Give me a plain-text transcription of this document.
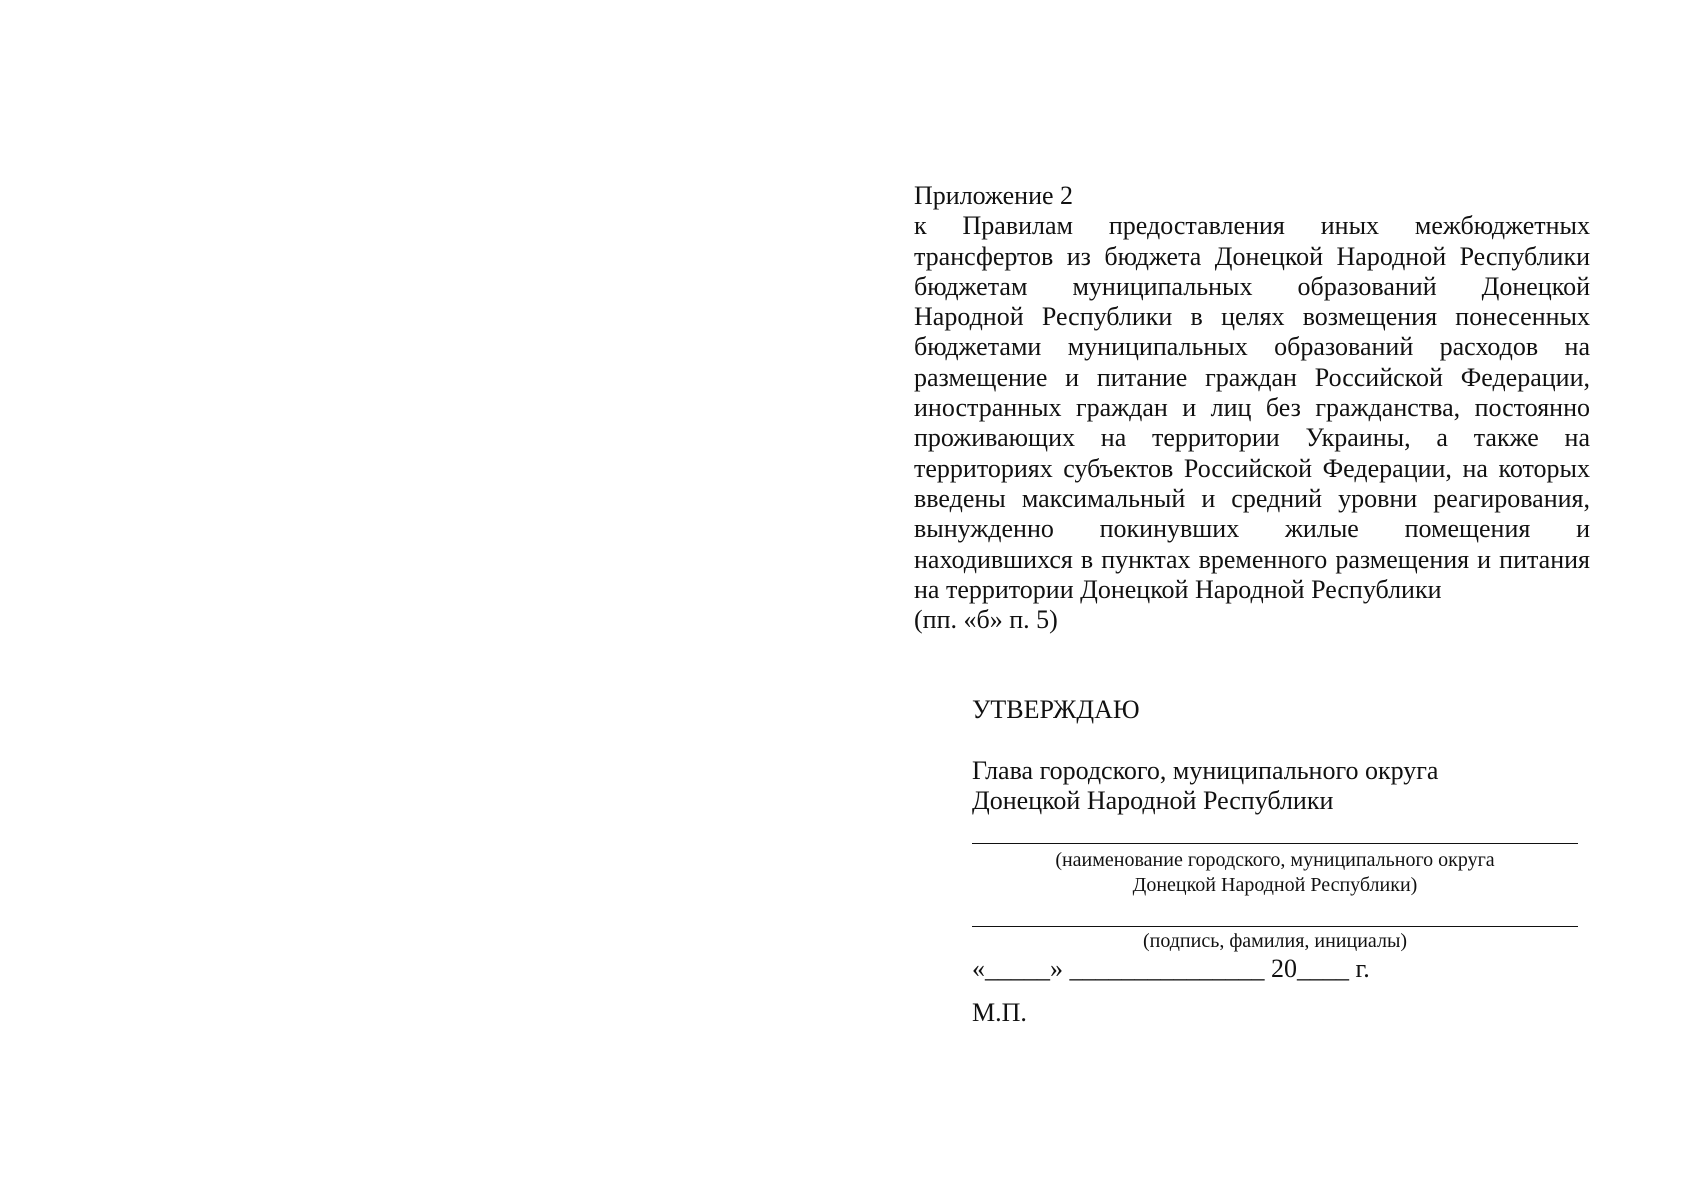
Приложение 2
к Правилам предоставления иных межбюджетных трансфертов из бюджета Донецкой Народной Республики бюджетам муниципальных образований Донецкой Народной Республики в целях возмещения понесенных бюджетами муниципальных образований расходов на размещение и питание граждан Российской Федерации, иностранных граждан и лиц без гражданства, постоянно проживающих на территории Украины, а также на территориях субъектов Российской Федерации, на которых введены максимальный и средний уровни реагирования, вынужденно покинувших жилые помещения и находившихся в пунктах временного размещения и питания на территории Донецкой Народной Республики
(пп. «б» п. 5)
УТВЕРЖДАЮ
Глава городского, муниципального округа
Донецкой Народной Республики
(наименование городского, муниципального округа
Донецкой Народной Республики)
(подпись, фамилия, инициалы)
«_____» _______________ 20____ г.
М.П.
